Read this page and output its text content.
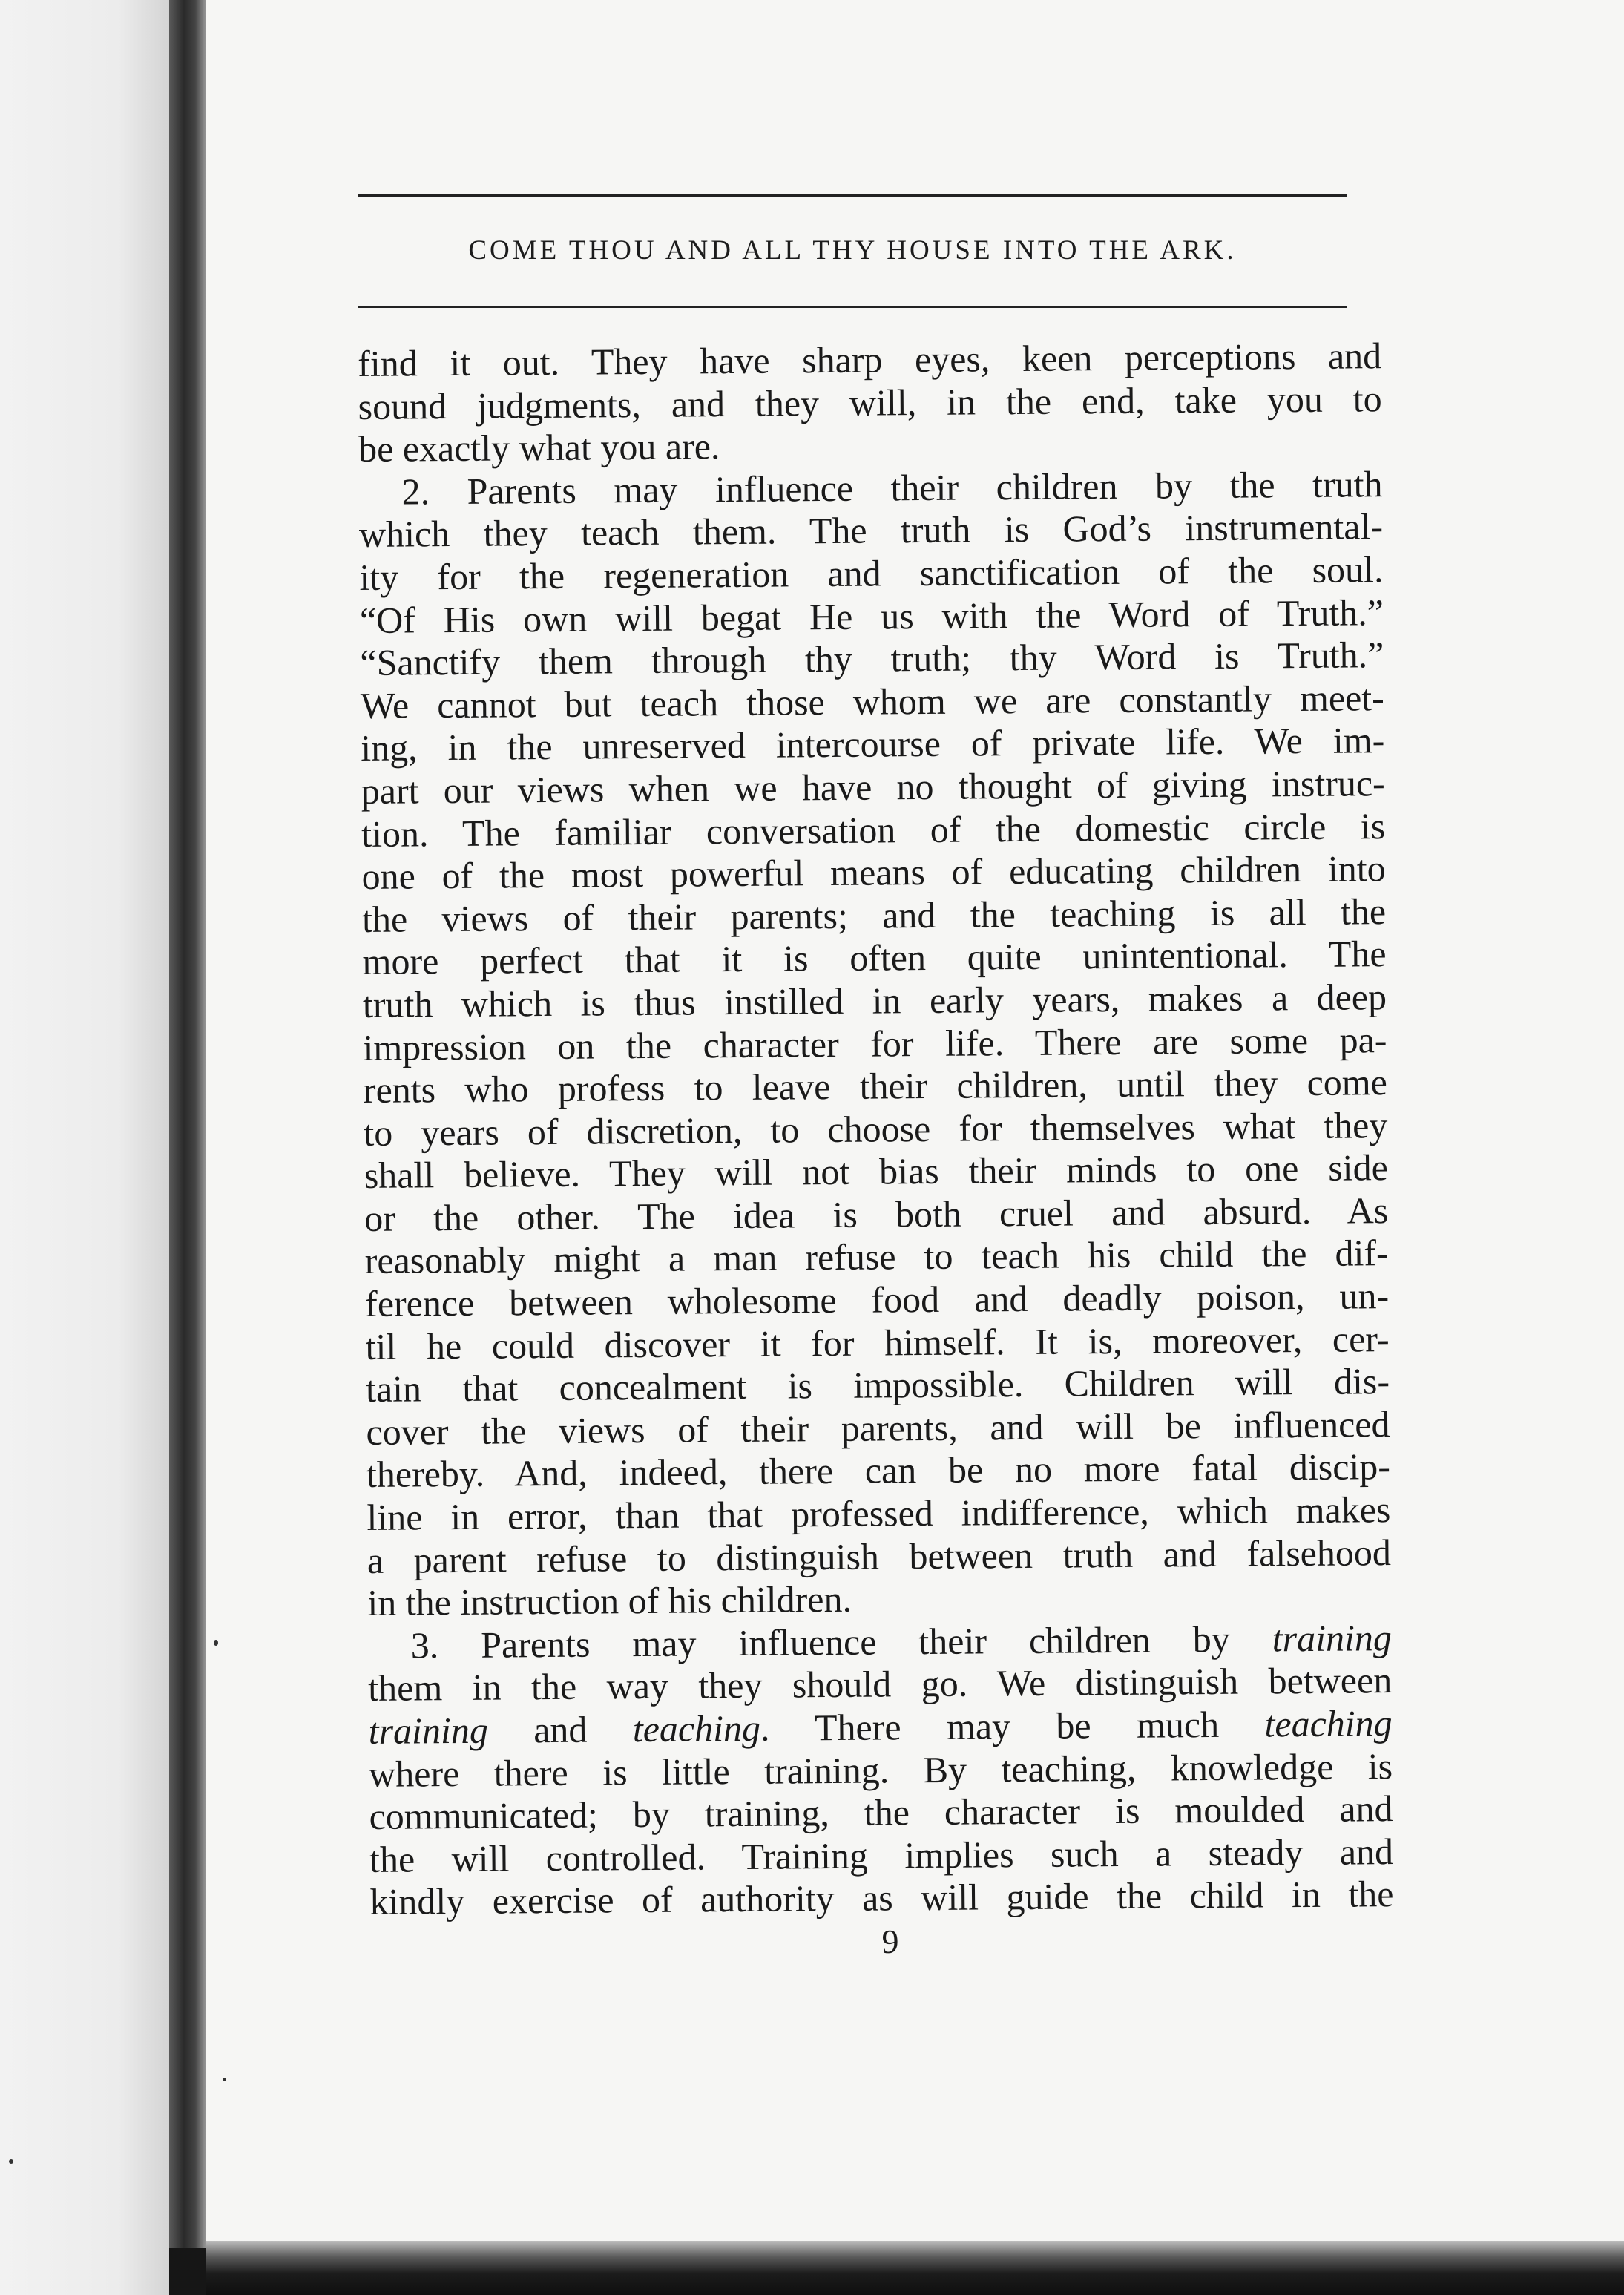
COME THOU AND ALL THY HOUSE INTO THE ARK.
find it out. They have sharp eyes, keen perceptions and
sound judgments, and they will, in the end, take you to
be exactly what you are.
2. Parents may influence their children by the truth
which they teach them. The truth is God’s instrumental-
ity for the regeneration and sanctification of the soul.
“Of His own will begat He us with the Word of Truth.”
“Sanctify them through thy truth; thy Word is Truth.”
We cannot but teach those whom we are constantly meet-
ing, in the unreserved intercourse of private life. We im-
part our views when we have no thought of giving instruc-
tion. The familiar conversation of the domestic circle is
one of the most powerful means of educating children into
the views of their parents; and the teaching is all the
more perfect that it is often quite unintentional. The
truth which is thus instilled in early years, makes a deep
impression on the character for life. There are some pa-
rents who profess to leave their children, until they come
to years of discretion, to choose for themselves what they
shall believe. They will not bias their minds to one side
or the other. The idea is both cruel and absurd. As
reasonably might a man refuse to teach his child the dif-
ference between wholesome food and deadly poison, un-
til he could discover it for himself. It is, moreover, cer-
tain that concealment is impossible. Children will dis-
cover the views of their parents, and will be influenced
thereby. And, indeed, there can be no more fatal discip-
line in error, than that professed indifference, which makes
a parent refuse to distinguish between truth and falsehood
in the instruction of his children.
3. Parents may influence their children by training
them in the way they should go. We distinguish between
training and teaching. There may be much teaching
where there is little training. By teaching, knowledge is
communicated; by training, the character is moulded and
the will controlled. Training implies such a steady and
kindly exercise of authority as will guide the child in the
9
